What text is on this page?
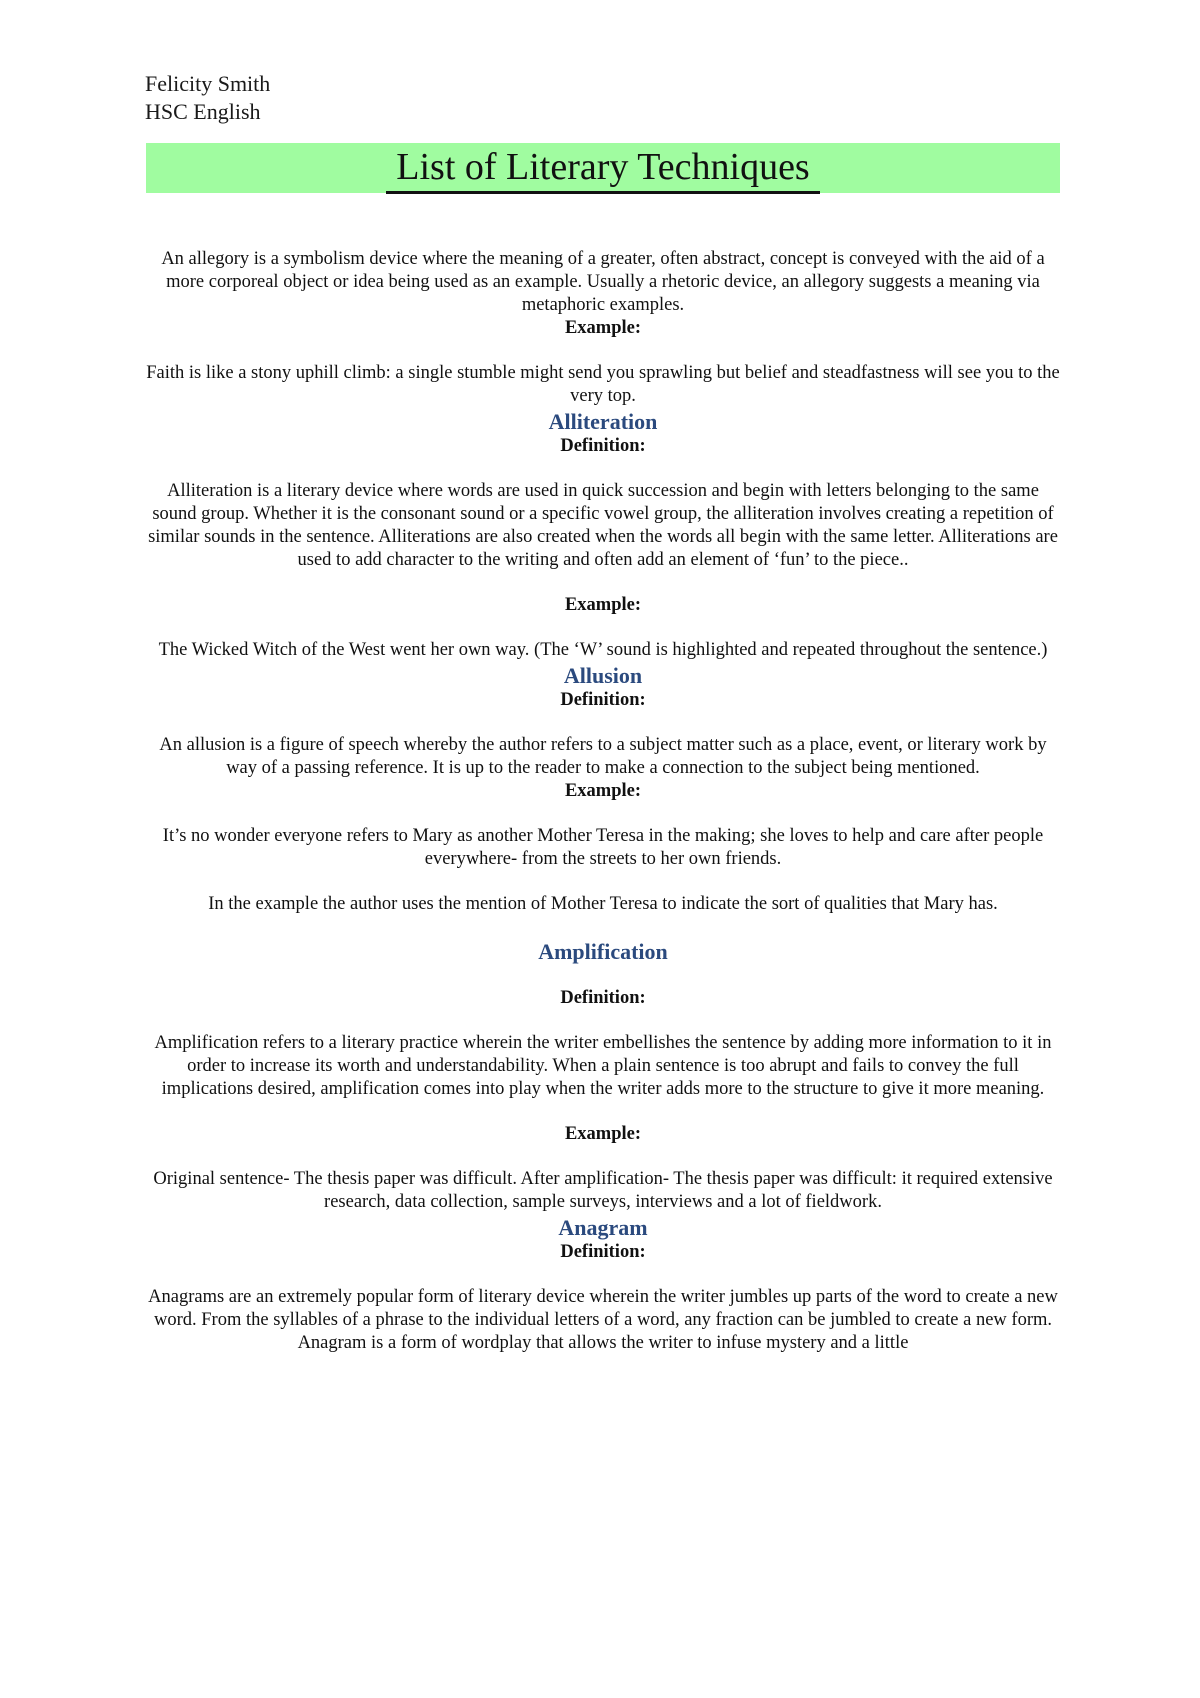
Felicity Smith
HSC English
List of Literary Techniques

An allegory is a symbolism device where the meaning of a greater, often abstract, concept is conveyed with the aid of a more corporeal object or idea being used as an example. Usually a rhetoric device, an allegory suggests a meaning via metaphoric examples.

Example:

Faith is like a stony uphill climb: a single stumble might send you sprawling but belief and steadfastness will see you to the very top.

Alliteration

Definition:

Alliteration is a literary device where words are used in quick succession and begin with letters belonging to the same sound group. Whether it is the consonant sound or a specific vowel group, the alliteration involves creating a repetition of similar sounds in the sentence. Alliterations are also created when the words all begin with the same letter. Alliterations are used to add character to the writing and often add an element of ‘fun’ to the piece..

Example:

The Wicked Witch of the West went her own way. (The ‘W’ sound is highlighted and repeated throughout the sentence.)

Allusion

Definition:

An allusion is a figure of speech whereby the author refers to a subject matter such as a place, event, or literary work by way of a passing reference. It is up to the reader to make a connection to the subject being mentioned.

Example:

It’s no wonder everyone refers to Mary as another Mother Teresa in the making; she loves to help and care after people everywhere- from the streets to her own friends.

In the example the author uses the mention of Mother Teresa to indicate the sort of qualities that Mary has.

Amplification

Definition:

Amplification refers to a literary practice wherein the writer embellishes the sentence by adding more information to it in order to increase its worth and understandability. When a plain sentence is too abrupt and fails to convey the full implications desired, amplification comes into play when the writer adds more to the structure to give it more meaning.

Example:

Original sentence- The thesis paper was difficult. After amplification- The thesis paper was difficult: it required extensive research, data collection, sample surveys, interviews and a lot of fieldwork.

Anagram

Definition:

Anagrams are an extremely popular form of literary device wherein the writer jumbles up parts of the word to create a new word. From the syllables of a phrase to the individual letters of a word, any fraction can be jumbled to create a new form. Anagram is a form of wordplay that allows the writer to infuse mystery and a little
